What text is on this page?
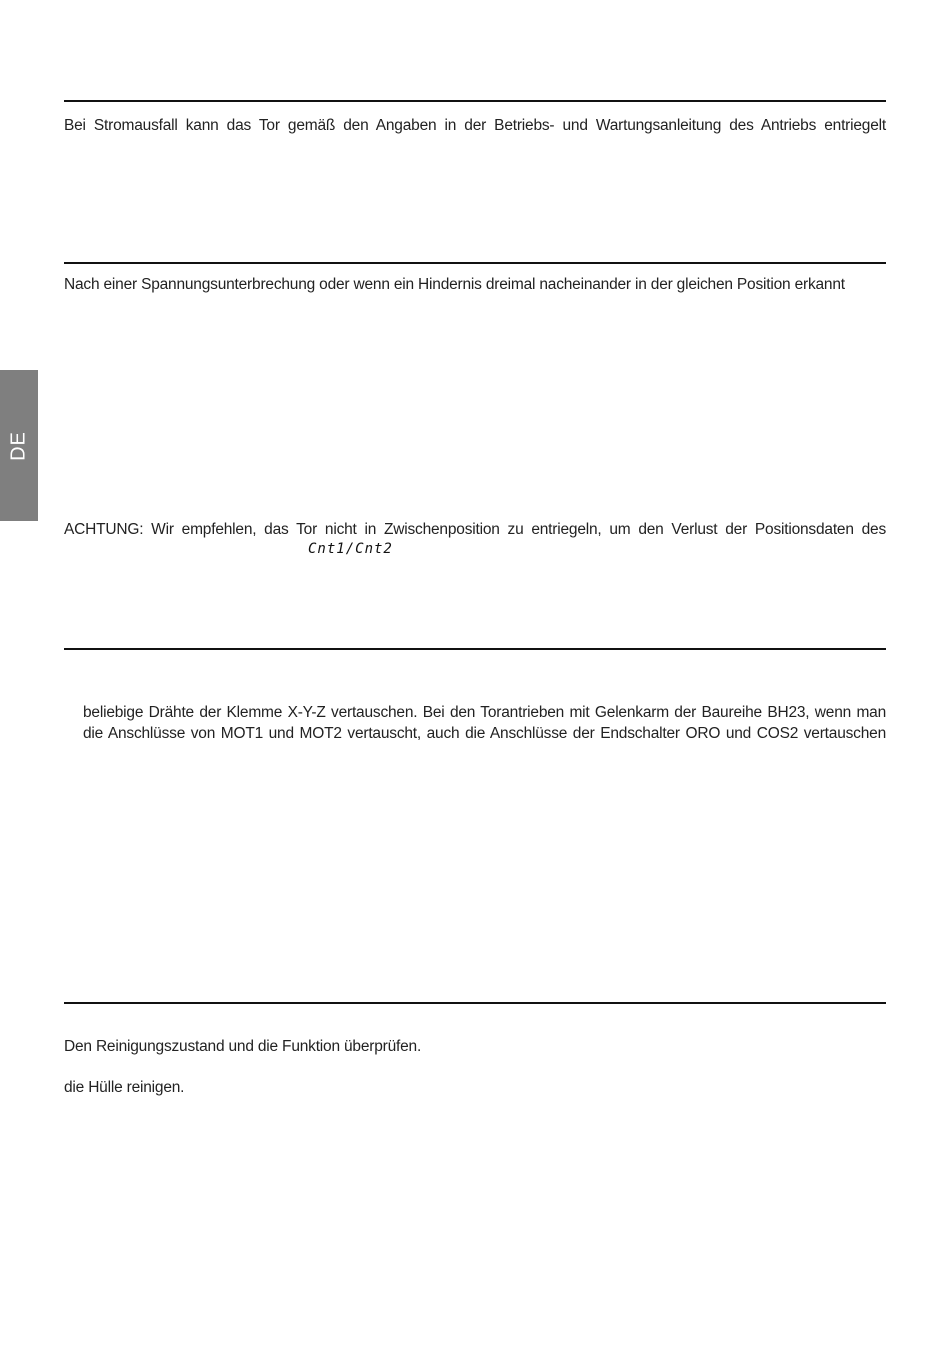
DE
Bei Stromausfall kann das Tor gemäß den Angaben in der Betriebs- und Wartungsanleitung des Antriebs entriegelt
Nach einer Spannungsunterbrechung oder wenn ein Hindernis dreimal nacheinander in der gleichen Position erkannt
ACHTUNG: Wir empfehlen, das Tor nicht in Zwischenposition zu entriegeln, um den Verlust der Positionsdaten des
Cnt1/Cnt2
beliebige Drähte der Klemme X-Y-Z vertauschen. Bei den Torantrieben mit Gelenkarm der Baureihe BH23, wenn man
die Anschlüsse von MOT1 und MOT2 vertauscht, auch die Anschlüsse der Endschalter ORO und COS2 vertauschen
Den Reinigungszustand und die Funktion überprüfen.
die Hülle reinigen.
